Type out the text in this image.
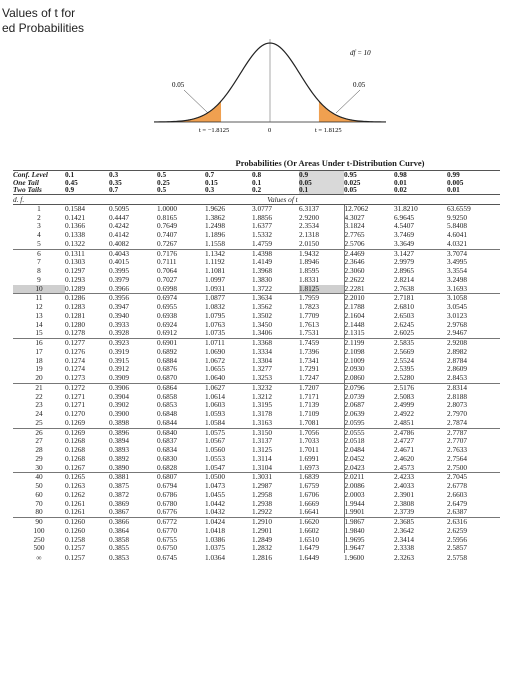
Values of t for
ed Probabilities
df = 10
0.05	0.05
t = −1.8125	0	t = 1.8125
Probabilities (Or Areas Under t-Distribution Curve)
Conf. Level	0.1	0.3	0.5	0.7	0.8	0.9	0.95	0.98	0.99
One Tail	0.45	0.35	0.25	0.15	0.1	0.05	0.025	0.01	0.005
Two Tails	0.9	0.7	0.5	0.3	0.2	0.1	0.05	0.02	0.01
d. f.	Values of t								
1	0.1584	0.5095	1.0000	1.9626	3.0777	6.3137	12.7062	31.8210	63.6559
2	0.1421	0.4447	0.8165	1.3862	1.8856	2.9200	4.3027	6.9645	9.9250
3	0.1366	0.4242	0.7649	1.2498	1.6377	2.3534	3.1824	4.5407	5.8408
4	0.1338	0.4142	0.7407	1.1896	1.5332	2.1318	2.7765	3.7469	4.6041
5	0.1322	0.4082	0.7267	1.1558	1.4759	2.0150	2.5706	3.3649	4.0321
6	0.1311	0.4043	0.7176	1.1342	1.4398	1.9432	2.4469	3.1427	3.7074
7	0.1303	0.4015	0.7111	1.1192	1.4149	1.8946	2.3646	2.9979	3.4995
8	0.1297	0.3995	0.7064	1.1081	1.3968	1.8595	2.3060	2.8965	3.3554
9	0.1293	0.3979	0.7027	1.0997	1.3830	1.8331	2.2622	2.8214	3.2498
10	0.1289	0.3966	0.6998	1.0931	1.3722	1.8125	2.2281	2.7638	3.1693
11	0.1286	0.3956	0.6974	1.0877	1.3634	1.7959	2.2010	2.7181	3.1058
12	0.1283	0.3947	0.6955	1.0832	1.3562	1.7823	2.1788	2.6810	3.0545
13	0.1281	0.3940	0.6938	1.0795	1.3502	1.7709	2.1604	2.6503	3.0123
14	0.1280	0.3933	0.6924	1.0763	1.3450	1.7613	2.1448	2.6245	2.9768
15	0.1278	0.3928	0.6912	1.0735	1.3406	1.7531	2.1315	2.6025	2.9467
16	0.1277	0.3923	0.6901	1.0711	1.3368	1.7459	2.1199	2.5835	2.9208
17	0.1276	0.3919	0.6892	1.0690	1.3334	1.7396	2.1098	2.5669	2.8982
18	0.1274	0.3915	0.6884	1.0672	1.3304	1.7341	2.1009	2.5524	2.8784
19	0.1274	0.3912	0.6876	1.0655	1.3277	1.7291	2.0930	2.5395	2.8609
20	0.1273	0.3909	0.6870	1.0640	1.3253	1.7247	2.0860	2.5280	2.8453
21	0.1272	0.3906	0.6864	1.0627	1.3232	1.7207	2.0796	2.5176	2.8314
22	0.1271	0.3904	0.6858	1.0614	1.3212	1.7171	2.0739	2.5083	2.8188
23	0.1271	0.3902	0.6853	1.0603	1.3195	1.7139	2.0687	2.4999	2.8073
24	0.1270	0.3900	0.6848	1.0593	1.3178	1.7109	2.0639	2.4922	2.7970
25	0.1269	0.3898	0.6844	1.0584	1.3163	1.7081	2.0595	2.4851	2.7874
26	0.1269	0.3896	0.6840	1.0575	1.3150	1.7056	2.0555	2.4786	2.7787
27	0.1268	0.3894	0.6837	1.0567	1.3137	1.7033	2.0518	2.4727	2.7707
28	0.1268	0.3893	0.6834	1.0560	1.3125	1.7011	2.0484	2.4671	2.7633
29	0.1268	0.3892	0.6830	1.0553	1.3114	1.6991	2.0452	2.4620	2.7564
30	0.1267	0.3890	0.6828	1.0547	1.3104	1.6973	2.0423	2.4573	2.7500
40	0.1265	0.3881	0.6807	1.0500	1.3031	1.6839	2.0211	2.4233	2.7045
50	0.1263	0.3875	0.6794	1.0473	1.2987	1.6759	2.0086	2.4033	2.6778
60	0.1262	0.3872	0.6786	1.0455	1.2958	1.6706	2.0003	2.3901	2.6603
70	0.1261	0.3869	0.6780	1.0442	1.2938	1.6669	1.9944	2.3808	2.6479
80	0.1261	0.3867	0.6776	1.0432	1.2922	1.6641	1.9901	2.3739	2.6387
90	0.1260	0.3866	0.6772	1.0424	1.2910	1.6620	1.9867	2.3685	2.6316
100	0.1260	0.3864	0.6770	1.0418	1.2901	1.6602	1.9840	2.3642	2.6259
250	0.1258	0.3858	0.6755	1.0386	1.2849	1.6510	1.9695	2.3414	2.5956
500	0.1257	0.3855	0.6750	1.0375	1.2832	1.6479	1.9647	2.3338	2.5857
∞	0.1257	0.3853	0.6745	1.0364	1.2816	1.6449	1.9600	2.3263	2.5758
